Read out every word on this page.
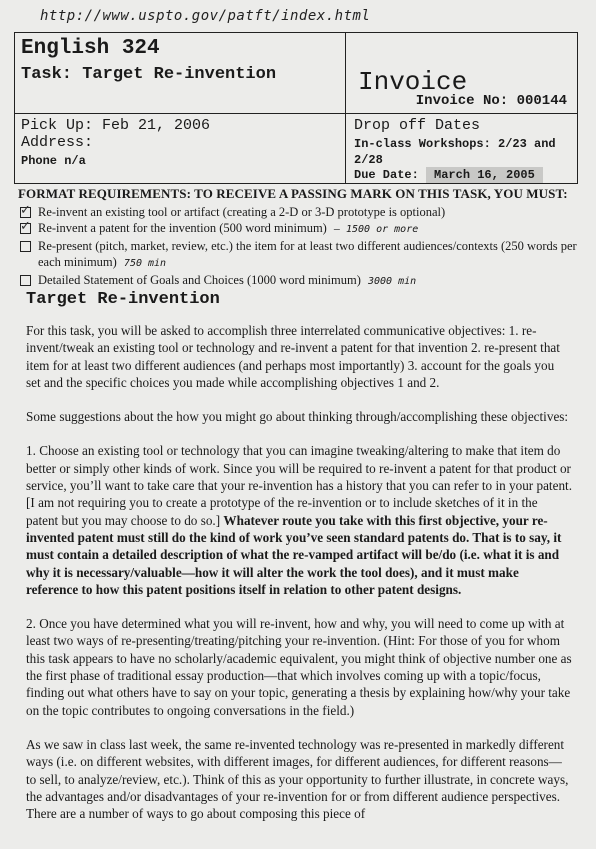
http://www.uspto.gov/patft/index.html
English 324
Task: Target Re-invention	Invoice
Invoice No: 000144
Pick Up: Feb 21, 2006
Address:
Phone n/a
Drop off Dates
In-class Workshops: 2/23 and 2/28
Due Date: March 16, 2005
FORMAT REQUIREMENTS: TO RECEIVE A PASSING MARK ON THIS TASK, YOU MUST:
✓
Re-invent an existing tool or artifact (creating a 2-D or 3-D prototype is optional)
✓
Re-invent a patent for the invention (500 word minimum) – 1500 or more
Re-present (pitch, market, review, etc.) the item for at least two different audiences/contexts (250 words per each minimum) 750 min
Detailed Statement of Goals and Choices (1000 word minimum) 3000 min
Target Re-invention

For this task, you will be asked to accomplish three interrelated communicative objectives: 1. re-invent/tweak an existing tool or technology and re-invent a patent for that invention 2. re-present that item for at least two different audiences (and perhaps most importantly) 3. account for the goals you set and the specific choices you made while accomplishing objectives 1 and 2.

Some suggestions about the how you might go about thinking through/accomplishing these objectives:

1. Choose an existing tool or technology that you can imagine tweaking/altering to make that item do better or simply other kinds of work. Since you will be required to re-invent a patent for that product or service, you’ll want to take care that your re-invention has a history that you can refer to in your patent. [I am not requiring you to create a prototype of the re-invention or to include sketches of it in the patent but you may choose to do so.] Whatever route you take with this first objective, your re-invented patent must still do the kind of work you’ve seen standard patents do. That is to say, it must contain a detailed description of what the re-vamped artifact will be/do (i.e. what it is and why it is necessary/valuable—how it will alter the work the tool does), and it must make reference to how this patent positions itself in relation to other patent designs.

2. Once you have determined what you will re-invent, how and why, you will need to come up with at least two ways of re-presenting/treating/pitching your re-invention. (Hint: For those of you for whom this task appears to have no scholarly/academic equivalent, you might think of objective number one as the first phase of traditional essay production—that which involves coming up with a topic/focus, finding out what others have to say on your topic, generating a thesis by explaining how/why your take on the topic contributes to ongoing conversations in the field.)

As we saw in class last week, the same re-invented technology was re-presented in markedly different ways (i.e. on different websites, with different images, for different audiences, for different reasons—to sell, to analyze/review, etc.). Think of this as your opportunity to further illustrate, in concrete ways, the advantages and/or disadvantages of your re-invention for or from different audience perspectives. There are a number of ways to go about composing this piece of
